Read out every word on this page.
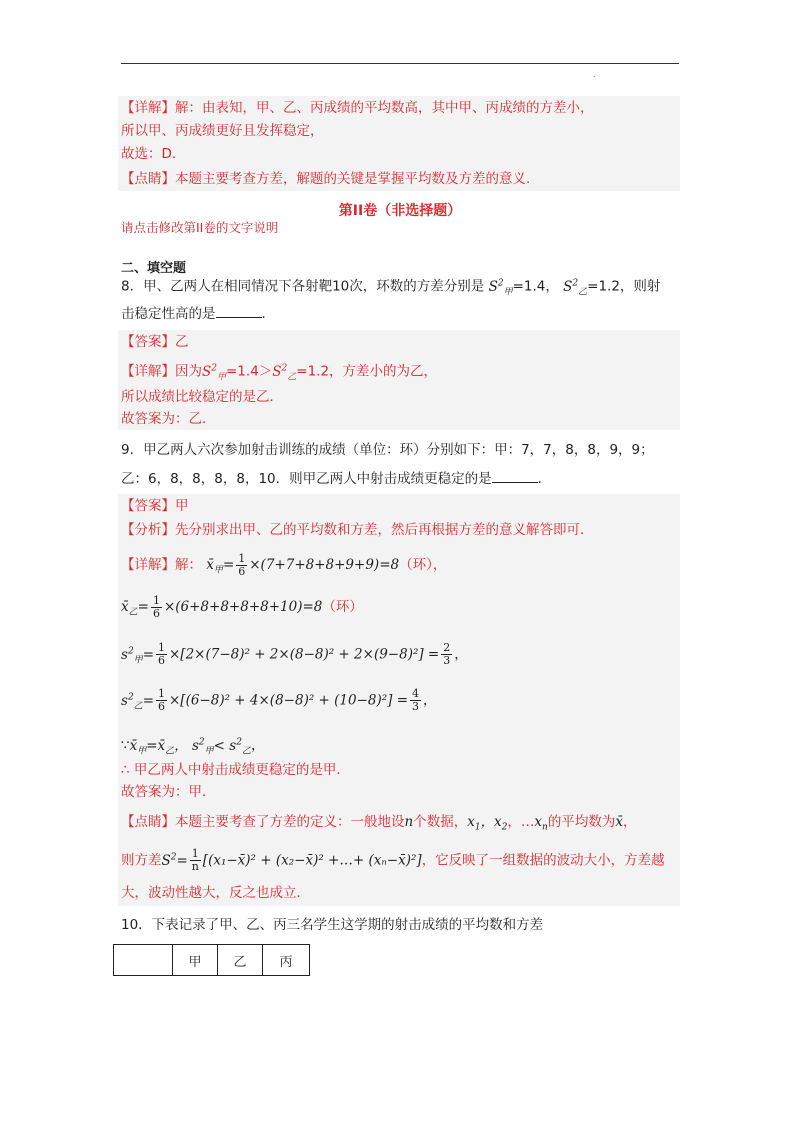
.
【详解】解：由表知，甲、乙、丙成绩的平均数高，其中甲、丙成绩的方差小，
所以甲、丙成绩更好且发挥稳定，
故选：D．
【点睛】本题主要考查方差，解题的关键是掌握平均数及方差的意义．
第II卷（非选择题）
请点击修改第II卷的文字说明
二、填空题
8．甲、乙两人在相同情况下各射靶10次，环数的方差分别是 $S^2_甲=1.4$， $S^2_乙=1.2$，则射
击稳定性高的是	．
【答案】乙
【详解】因为$S^2_甲=1.4>S^2_乙=1.2$，方差小的为乙，
所以成绩比较稳定的是乙．
故答案为：乙．
9．甲乙两人六次参加射击训练的成绩（单位：环）分别如下：甲：7，7，8，8，9，9；
乙：6，8，8，8，8，10．则甲乙两人中射击成绩更稳定的是	．
【答案】甲
【分析】先分别求出甲、乙的平均数和方差，然后再根据方差的意义解答即可．
【详解】解： $x̄_甲= \frac{1}{6} \times(7+7+8+8+9+9)=8$（环），
$x̄_乙= \frac{1}{6} \times(6+8+8+8+8+10)=8$（环）
$s^2_甲= \frac{1}{6} \times[2\times(7-8)^2 + 2\times(8-8)^2 + 2\times(9-8)^2] = \frac{2}{3}$ ，
$s^2_乙= \frac{1}{6} \times[(6-8)^2 + 4\times(8-8)^2 + (10-8)^2] = \frac{4}{3}$ ，
$\because x̄_甲=x̄_乙$， $s^2_甲< s^2_乙$，
∴ 甲乙两人中射击成绩更稳定的是甲．
故答案为：甲．
【点睛】本题主要考查了方差的定义：一般地设n个数据，$x_1$，$x_2$，$\dots x_n$的平均数为x̄，
则方差$S^2= \frac{1}{n}$ [(x₁−x̄)² + (x₂−x̄)² +…+ (xₙ−x̄)²]，它反映了一组数据的波动大小，方差越
大，波动性越大，反之也成立．
10．下表记录了甲、乙、丙三名学生这学期的射击成绩的平均数和方差
	甲	乙	丙
